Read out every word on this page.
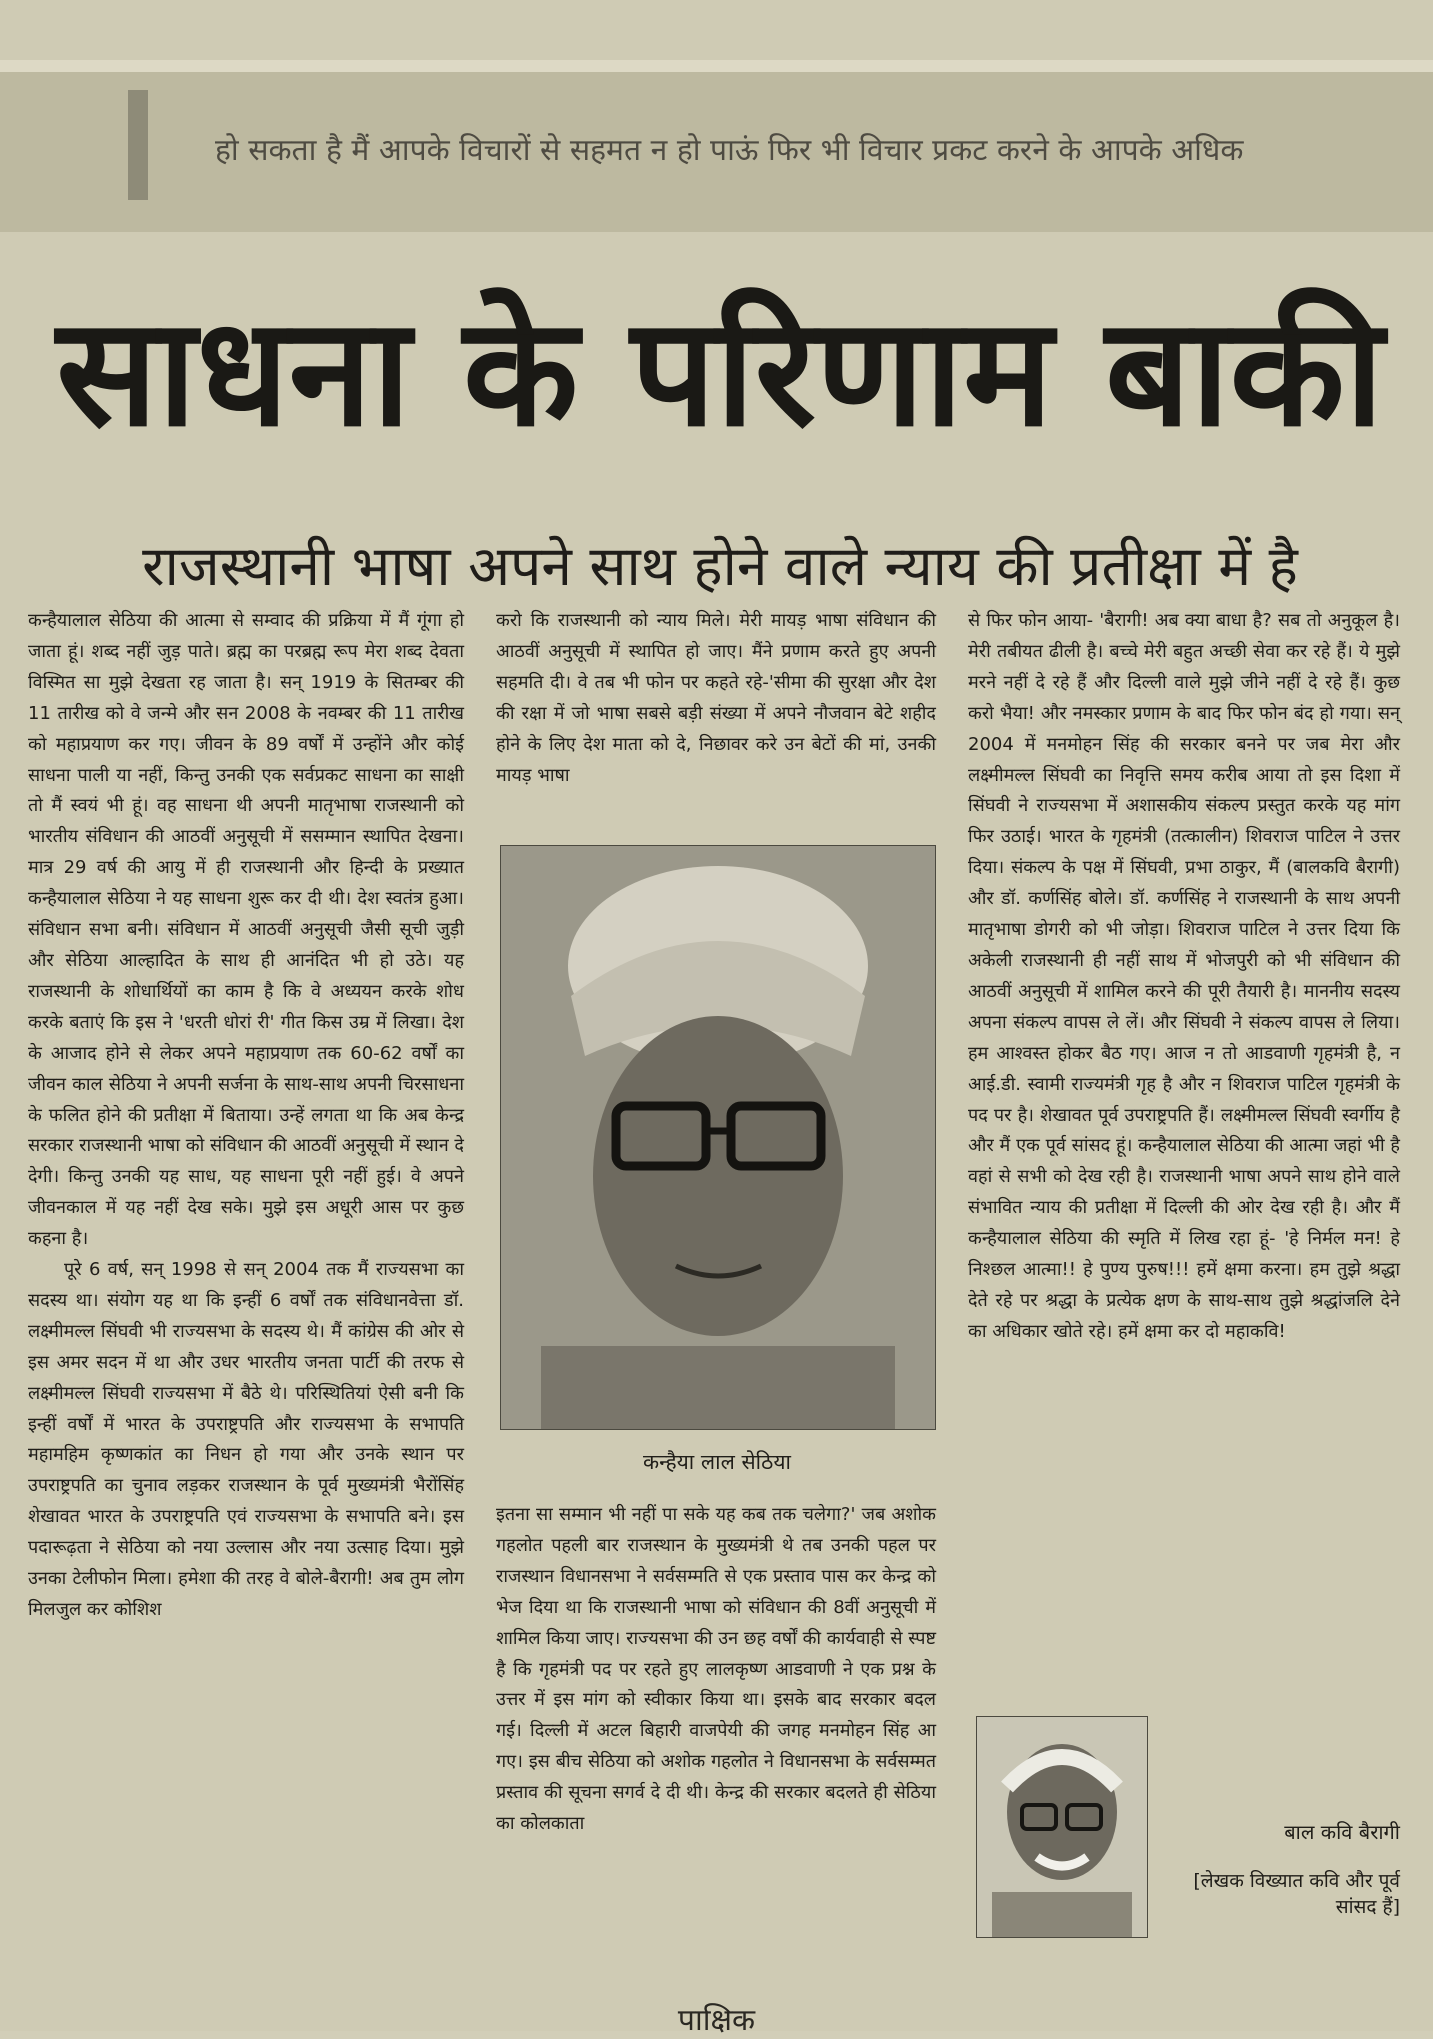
हो सकता है मैं आपके विचारों से सहमत न हो पाऊं फिर भी विचार प्रकट करने के आपके अधिक
साधना के परिणाम बाकी
राजस्थानी भाषा अपने साथ होने वाले न्याय की प्रतीक्षा में है

कन्हैयालाल सेठिया की आत्मा से सम्वाद की प्रक्रिया में मैं गूंगा हो जाता हूं। शब्द नहीं जुड़ पाते। ब्रह्म का परब्रह्म रूप मेरा शब्द देवता विस्मित सा मुझे देखता रह जाता है। सन् 1919 के सितम्बर की 11 तारीख को वे जन्मे और सन 2008 के नवम्बर की 11 तारीख को महाप्रयाण कर गए। जीवन के 89 वर्षों में उन्होंने और कोई साधना पाली या नहीं, किन्तु उनकी एक सर्वप्रकट साधना का साक्षी तो मैं स्वयं भी हूं। वह साधना थी अपनी मातृभाषा राजस्थानी को भारतीय संविधान की आठवीं अनुसूची में ससम्मान स्थापित देखना। मात्र 29 वर्ष की आयु में ही राजस्थानी और हिन्दी के प्रख्यात कन्हैयालाल सेठिया ने यह साधना शुरू कर दी थी। देश स्वतंत्र हुआ। संविधान सभा बनी। संविधान में आठवीं अनुसूची जैसी सूची जुड़ी और सेठिया आल्हादित के साथ ही आनंदित भी हो उठे। यह राजस्थानी के शोधार्थियों का काम है कि वे अध्ययन करके शोध करके बताएं कि इस ने 'धरती धोरां री' गीत किस उम्र में लिखा। देश के आजाद होने से लेकर अपने महाप्रयाण तक 60-62 वर्षों का जीवन काल सेठिया ने अपनी सर्जना के साथ-साथ अपनी चिरसाधना के फलित होने की प्रतीक्षा में बिताया। उन्हें लगता था कि अब केन्द्र सरकार राजस्थानी भाषा को संविधान की आठवीं अनुसूची में स्थान दे देगी। किन्तु उनकी यह साध, यह साधना पूरी नहीं हुई। वे अपने जीवनकाल में यह नहीं देख सके। मुझे इस अधूरी आस पर कुछ कहना है।

पूरे 6 वर्ष, सन् 1998 से सन् 2004 तक मैं राज्यसभा का सदस्य था। संयोग यह था कि इन्हीं 6 वर्षों तक संविधानवेत्ता डॉ. लक्ष्मीमल्ल सिंघवी भी राज्यसभा के सदस्य थे। मैं कांग्रेस की ओर से इस अमर सदन में था और उधर भारतीय जनता पार्टी की तरफ से लक्ष्मीमल्ल सिंघवी राज्यसभा में बैठे थे। परिस्थितियां ऐसी बनी कि इन्हीं वर्षों में भारत के उपराष्ट्रपति और राज्यसभा के सभापति महामहिम कृष्णकांत का निधन हो गया और उनके स्थान पर उपराष्ट्रपति का चुनाव लड़कर राजस्थान के पूर्व मुख्यमंत्री भैरोंसिंह शेखावत भारत के उपराष्ट्रपति एवं राज्यसभा के सभापति बने। इस पदारूढ़ता ने सेठिया को नया उल्लास और नया उत्साह दिया। मुझे उनका टेलीफोन मिला। हमेशा की तरह वे बोले-बैरागी! अब तुम लोग मिलजुल कर कोशिश

करो कि राजस्थानी को न्याय मिले। मेरी मायड़ भाषा संविधान की आठवीं अनुसूची में स्थापित हो जाए। मैंने प्रणाम करते हुए अपनी सहमति दी। वे तब भी फोन पर कहते रहे-'सीमा की सुरक्षा और देश की रक्षा में जो भाषा सबसे बड़ी संख्या में अपने नौजवान बेटे शहीद होने के लिए देश माता को दे, निछावर करे उन बेटों की मां, उनकी मायड़ भाषा

कन्हैया लाल सेठिया

इतना सा सम्मान भी नहीं पा सके यह कब तक चलेगा?' जब अशोक गहलोत पहली बार राजस्थान के मुख्यमंत्री थे तब उनकी पहल पर राजस्थान विधानसभा ने सर्वसम्मति से एक प्रस्ताव पास कर केन्द्र को भेज दिया था कि राजस्थानी भाषा को संविधान की 8वीं अनुसूची में शामिल किया जाए। राज्यसभा की उन छह वर्षों की कार्यवाही से स्पष्ट है कि गृहमंत्री पद पर रहते हुए लालकृष्ण आडवाणी ने एक प्रश्न के उत्तर में इस मांग को स्वीकार किया था। इसके बाद सरकार बदल गई। दिल्ली में अटल बिहारी वाजपेयी की जगह मनमोहन सिंह आ गए। इस बीच सेठिया को अशोक गहलोत ने विधानसभा के सर्वसम्मत प्रस्ताव की सूचना सगर्व दे दी थी। केन्द्र की सरकार बदलते ही सेठिया का कोलकाता

से फिर फोन आया- 'बैरागी! अब क्या बाधा है? सब तो अनुकूल है। मेरी तबीयत ढीली है। बच्चे मेरी बहुत अच्छी सेवा कर रहे हैं। ये मुझे मरने नहीं दे रहे हैं और दिल्ली वाले मुझे जीने नहीं दे रहे हैं। कुछ करो भैया! और नमस्कार प्रणाम के बाद फिर फोन बंद हो गया। सन् 2004 में मनमोहन सिंह की सरकार बनने पर जब मेरा और लक्ष्मीमल्ल सिंघवी का निवृत्ति समय करीब आया तो इस दिशा में सिंघवी ने राज्यसभा में अशासकीय संकल्प प्रस्तुत करके यह मांग फिर उठाई। भारत के गृहमंत्री (तत्कालीन) शिवराज पाटिल ने उत्तर दिया। संकल्प के पक्ष में सिंघवी, प्रभा ठाकुर, मैं (बालकवि बैरागी) और डॉ. कर्णसिंह बोले। डॉ. कर्णसिंह ने राजस्थानी के साथ अपनी मातृभाषा डोगरी को भी जोड़ा। शिवराज पाटिल ने उत्तर दिया कि अकेली राजस्थानी ही नहीं साथ में भोजपुरी को भी संविधान की आठवीं अनुसूची में शामिल करने की पूरी तैयारी है। माननीय सदस्य अपना संकल्प वापस ले लें। और सिंघवी ने संकल्प वापस ले लिया। हम आश्वस्त होकर बैठ गए। आज न तो आडवाणी गृहमंत्री है, न आई.डी. स्वामी राज्यमंत्री गृह है और न शिवराज पाटिल गृहमंत्री के पद पर है। शेखावत पूर्व उपराष्ट्रपति हैं। लक्ष्मीमल्ल सिंघवी स्वर्गीय है और मैं एक पूर्व सांसद हूं। कन्हैयालाल सेठिया की आत्मा जहां भी है वहां से सभी को देख रही है। राजस्थानी भाषा अपने साथ होने वाले संभावित न्याय की प्रतीक्षा में दिल्ली की ओर देख रही है। और मैं कन्हैयालाल सेठिया की स्मृति में लिख रहा हूं- 'हे निर्मल मन! हे निश्छल आत्मा!! हे पुण्य पुरुष!!! हमें क्षमा करना। हम तुझे श्रद्धा देते रहे पर श्रद्धा के प्रत्येक क्षण के साथ-साथ तुझे श्रद्धांजलि देने का अधिकार खोते रहे। हमें क्षमा कर दो महाकवि!

बाल कवि बैरागी
[लेखक विख्यात कवि और पूर्व सांसद हैं]
पाक्षिक
